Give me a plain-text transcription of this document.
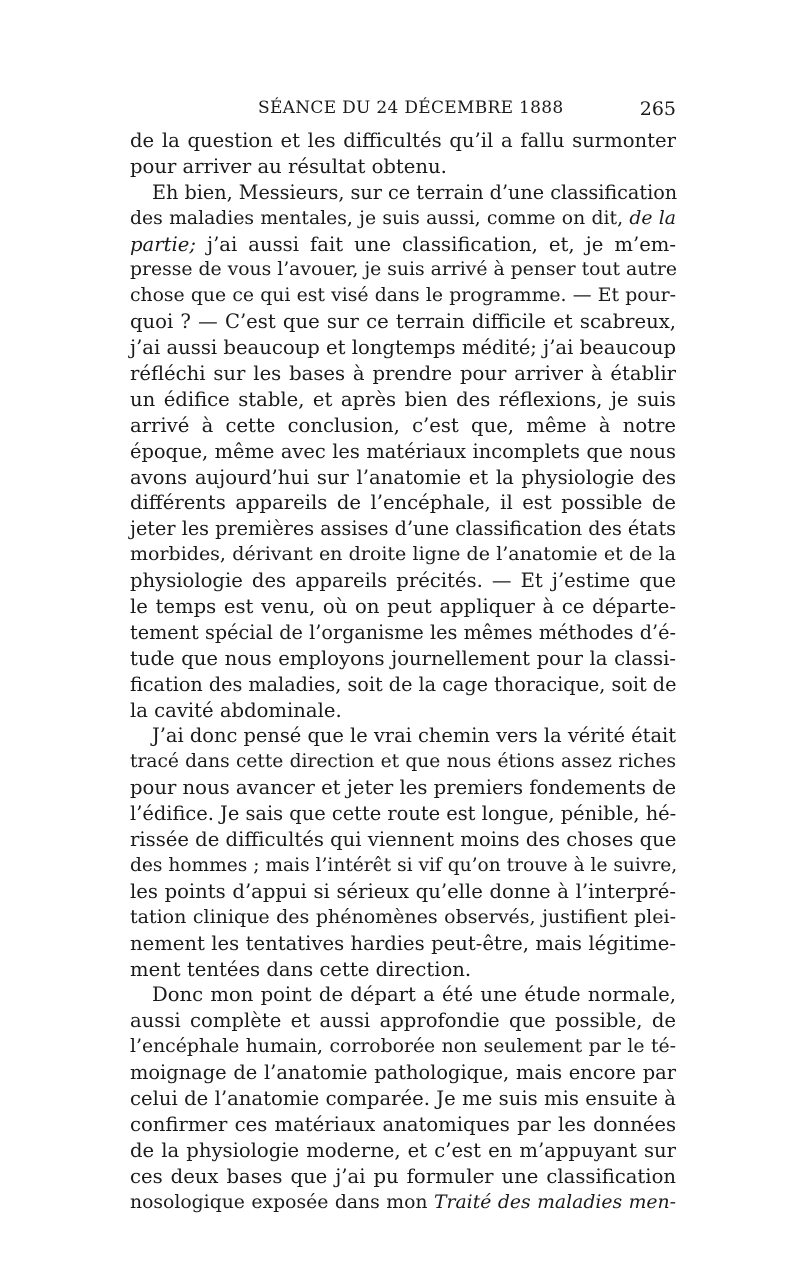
SÉANCE DU 24 DÉCEMBRE 1888	265
de la question et les difficultés qu’il a fallu surmonter
pour arriver au résultat obtenu.
Eh bien, Messieurs, sur ce terrain d’une classification
des maladies mentales, je suis aussi, comme on dit, de la
partie; j’ai aussi fait une classification, et, je m’em-
presse de vous l’avouer, je suis arrivé à penser tout autre
chose que ce qui est visé dans le programme. — Et pour-
quoi ? — C’est que sur ce terrain difficile et scabreux,
j’ai aussi beaucoup et longtemps médité; j’ai beaucoup
réfléchi sur les bases à prendre pour arriver à établir
un édifice stable, et après bien des réflexions, je suis
arrivé à cette conclusion, c’est que, même à notre
époque, même avec les matériaux incomplets que nous
avons aujourd’hui sur l’anatomie et la physiologie des
différents appareils de l’encéphale, il est possible de
jeter les premières assises d’une classification des états
morbides, dérivant en droite ligne de l’anatomie et de la
physiologie des appareils précités. — Et j’estime que
le temps est venu, où on peut appliquer à ce départe-
tement spécial de l’organisme les mêmes méthodes d’é-
tude que nous employons journellement pour la classi-
fication des maladies, soit de la cage thoracique, soit de
la cavité abdominale.
J’ai donc pensé que le vrai chemin vers la vérité était
tracé dans cette direction et que nous étions assez riches
pour nous avancer et jeter les premiers fondements de
l’édifice. Je sais que cette route est longue, pénible, hé-
rissée de difficultés qui viennent moins des choses que
des hommes ; mais l’intérêt si vif qu’on trouve à le suivre,
les points d’appui si sérieux qu’elle donne à l’interpré-
tation clinique des phénomènes observés, justifient plei-
nement les tentatives hardies peut-être, mais légitime-
ment tentées dans cette direction.
Donc mon point de départ a été une étude normale,
aussi complète et aussi approfondie que possible, de
l’encéphale humain, corroborée non seulement par le té-
moignage de l’anatomie pathologique, mais encore par
celui de l’anatomie comparée. Je me suis mis ensuite à
confirmer ces matériaux anatomiques par les données
de la physiologie moderne, et c’est en m’appuyant sur
ces deux bases que j’ai pu formuler une classification
nosologique exposée dans mon Traité des maladies men-
